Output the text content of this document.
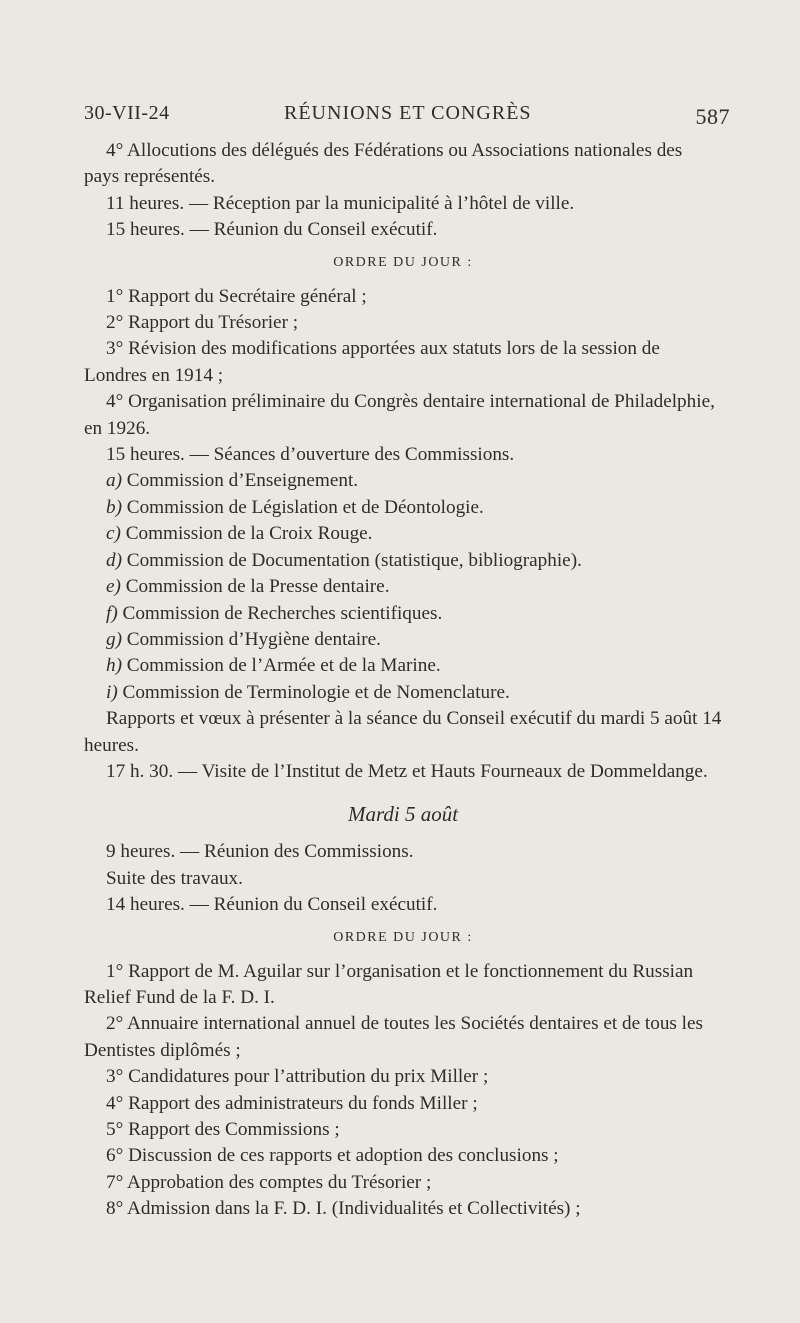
30-VII-24	RÉUNIONS ET CONGRÈS	587

4° Allocutions des délégués des Fédérations ou Associations nationales des pays représentés.

11 heures. — Réception par la municipalité à l’hôtel de ville.

15 heures. — Réunion du Conseil exécutif.

ORDRE DU JOUR :

1° Rapport du Secrétaire général ;

2° Rapport du Trésorier ;

3° Révision des modifications apportées aux statuts lors de la session de Londres en 1914 ;

4° Organisation préliminaire du Congrès dentaire international de Philadelphie, en 1926.

15 heures. — Séances d’ouverture des Commissions.

a) Commission d’Enseignement.

b) Commission de Législation et de Déontologie.

c) Commission de la Croix Rouge.

d) Commission de Documentation (statistique, bibliographie).

e) Commission de la Presse dentaire.

f) Commission de Recherches scientifiques.

g) Commission d’Hygiène dentaire.

h) Commission de l’Armée et de la Marine.

i) Commission de Terminologie et de Nomenclature.

Rapports et vœux à présenter à la séance du Conseil exécutif du mardi 5 août 14 heures.

17 h. 30. — Visite de l’Institut de Metz et Hauts Fourneaux de Dommeldange.

Mardi 5 août

9 heures. — Réunion des Commissions.

Suite des travaux.

14 heures. — Réunion du Conseil exécutif.

ORDRE DU JOUR :

1° Rapport de M. Aguilar sur l’organisation et le fonctionnement du Russian Relief Fund de la F. D. I.

2° Annuaire international annuel de toutes les Sociétés dentaires et de tous les Dentistes diplômés ;

3° Candidatures pour l’attribution du prix Miller ;

4° Rapport des administrateurs du fonds Miller ;

5° Rapport des Commissions ;

6° Discussion de ces rapports et adoption des conclusions ;

7° Approbation des comptes du Trésorier ;

8° Admission dans la F. D. I. (Individualités et Collectivités) ;
